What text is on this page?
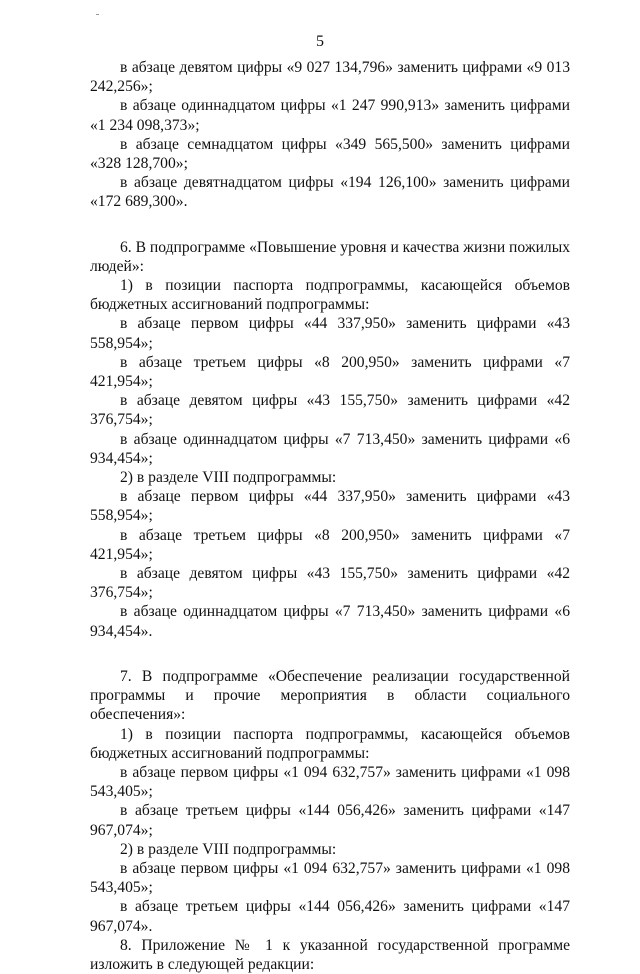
5

в абзаце девятом цифры «9 027 134,796» заменить цифрами «9 013 242,256»;

в абзаце одиннадцатом цифры «1 247 990,913» заменить цифрами «1 234 098,373»;

в абзаце семнадцатом цифры «349 565,500» заменить цифрами «328 128,700»;

в абзаце девятнадцатом цифры «194 126,100» заменить цифрами «172 689,300».

6. В подпрограмме «Повышение уровня и качества жизни пожилых людей»:

1) в позиции паспорта подпрограммы, касающейся объемов бюджетных ассигнований подпрограммы:

в абзаце первом цифры «44 337,950» заменить цифрами «43 558,954»;

в абзаце третьем цифры «8 200,950» заменить цифрами «7 421,954»;

в абзаце девятом цифры «43 155,750» заменить цифрами «42 376,754»;

в абзаце одиннадцатом цифры «7 713,450» заменить цифрами «6 934,454»;

2) в разделе VIII подпрограммы:

в абзаце первом цифры «44 337,950» заменить цифрами «43 558,954»;

в абзаце третьем цифры «8 200,950» заменить цифрами «7 421,954»;

в абзаце девятом цифры «43 155,750» заменить цифрами «42 376,754»;

в абзаце одиннадцатом цифры «7 713,450» заменить цифрами «6 934,454».

7. В подпрограмме «Обеспечение реализации государственной программы и прочие мероприятия в области социального обеспечения»:

1) в позиции паспорта подпрограммы, касающейся объемов бюджетных ассигнований подпрограммы:

в абзаце первом цифры «1 094 632,757» заменить цифрами «1 098 543,405»;

в абзаце третьем цифры «144 056,426» заменить цифрами «147 967,074»;

2) в разделе VIII подпрограммы:

в абзаце первом цифры «1 094 632,757» заменить цифрами «1 098 543,405»;

в абзаце третьем цифры «144 056,426» заменить цифрами «147 967,074».

8. Приложение № 1 к указанной государственной программе изложить в следующей редакции:
